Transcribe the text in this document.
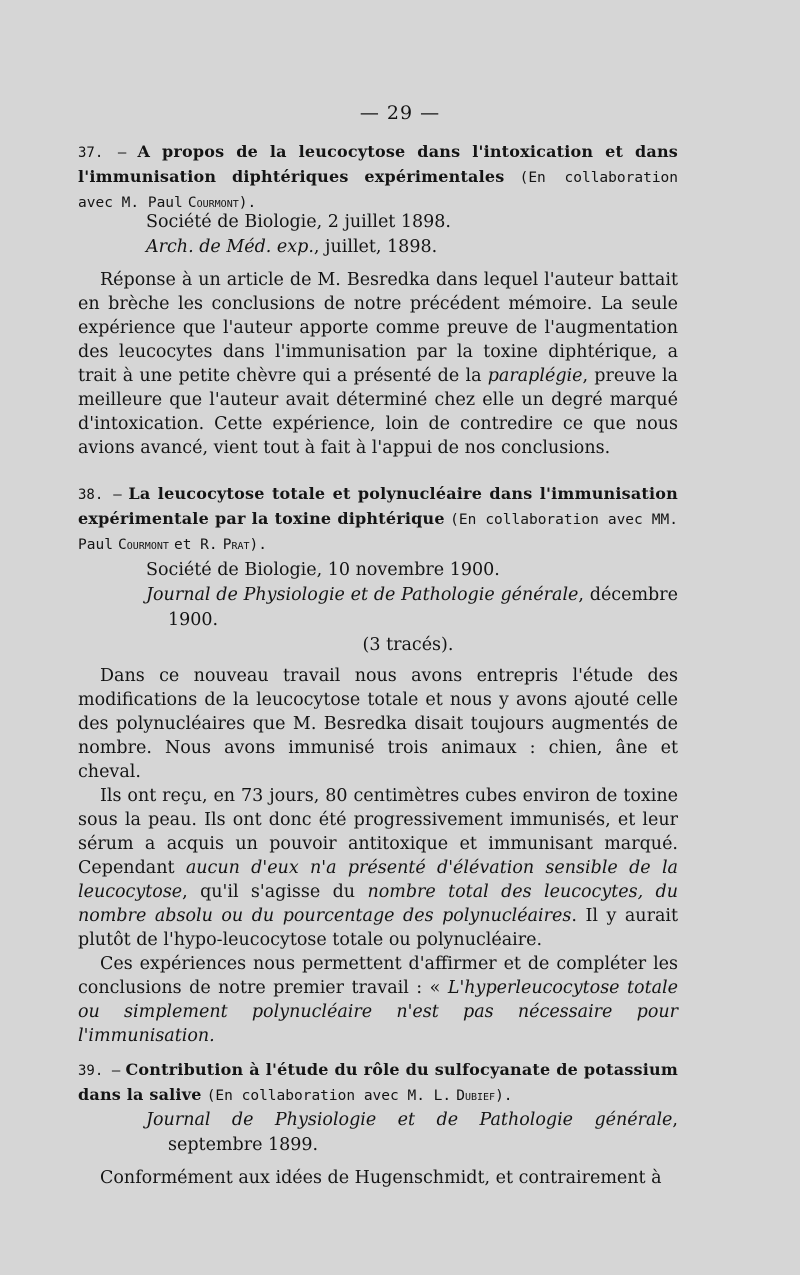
— 29 —
37. — A propos de la leucocytose dans l'intoxication et dans l'immunisation diphtériques expérimentales (En collaboration avec M. Paul Courmont).
Société de Biologie, 2 juillet 1898.
Arch. de Méd. exp., juillet, 1898.

Réponse à un article de M. Besredka dans lequel l'auteur battait en brèche les conclusions de notre précédent mémoire. La seule expérience que l'auteur apporte comme preuve de l'augmentation des leucocytes dans l'immunisation par la toxine diphtérique, a trait à une petite chèvre qui a présenté de la paraplégie, preuve la meilleure que l'auteur avait déterminé chez elle un degré marqué d'intoxication. Cette expérience, loin de contredire ce que nous avions avancé, vient tout à fait à l'appui de nos conclusions.

38. — La leucocytose totale et polynucléaire dans l'immunisation expérimentale par la toxine diphtérique (En collaboration avec MM. Paul Courmont et R. Prat).
Société de Biologie, 10 novembre 1900.
Journal de Physiologie et de Pathologie générale, décembre 1900.
(3 tracés).

Dans ce nouveau travail nous avons entrepris l'étude des modifications de la leucocytose totale et nous y avons ajouté celle des polynucléaires que M. Besredka disait toujours augmentés de nombre. Nous avons immunisé trois animaux : chien, âne et cheval.

Ils ont reçu, en 73 jours, 80 centimètres cubes environ de toxine sous la peau. Ils ont donc été progressivement immunisés, et leur sérum a acquis un pouvoir antitoxique et immunisant marqué. Cependant aucun d'eux n'a présenté d'élévation sensible de la leucocytose, qu'il s'agisse du nombre total des leucocytes, du nombre absolu ou du pourcentage des polynucléaires. Il y aurait plutôt de l'hypo-leucocytose totale ou polynucléaire.

Ces expériences nous permettent d'affirmer et de compléter les conclusions de notre premier travail : « L'hyperleucocytose totale ou simplement polynucléaire n'est pas nécessaire pour l'immunisation.

39. — Contribution à l'étude du rôle du sulfocyanate de potassium dans la salive (En collaboration avec M. L. Dubief).
Journal de Physiologie et de Pathologie générale, septembre 1899.

Conformément aux idées de Hugenschmidt, et contrairement à
